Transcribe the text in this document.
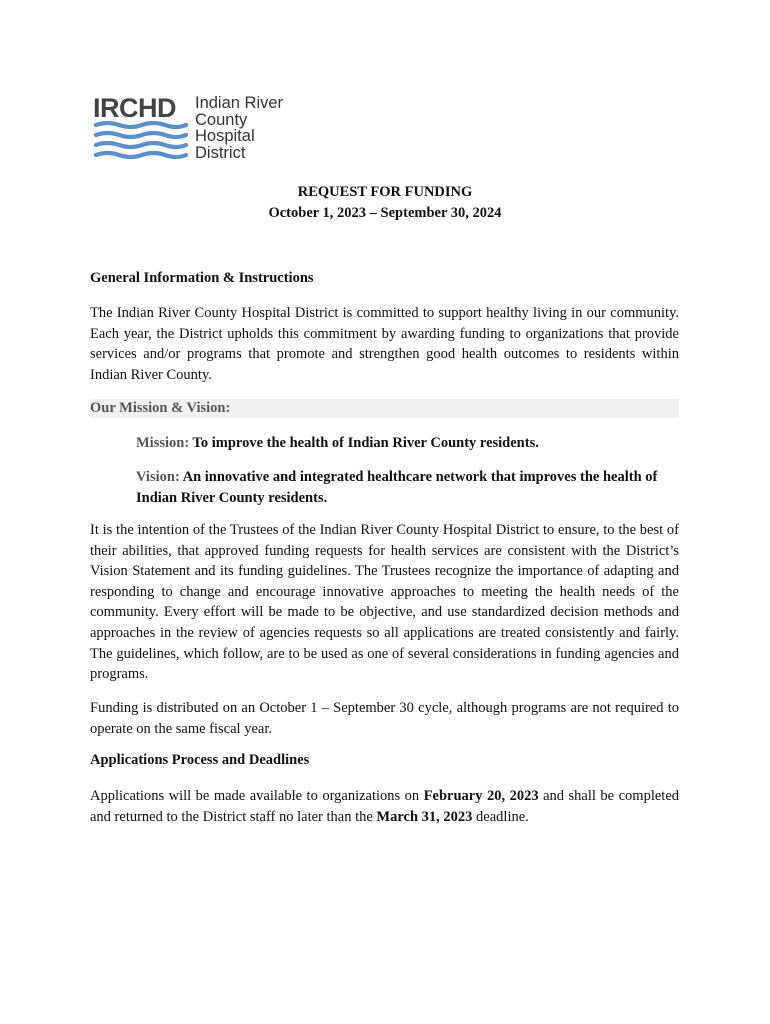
IRCHD Indian River
County
Hospital
District
REQUEST FOR FUNDING
October 1, 2023 – September 30, 2024
General Information & Instructions
The Indian River County Hospital District is committed to support healthy living in our community. Each year, the District upholds this commitment by awarding funding to organizations that provide services and/or programs that promote and strengthen good health outcomes to residents within Indian River County.
Our Mission & Vision:
Mission: To improve the health of Indian River County residents.
Vision: An innovative and integrated healthcare network that improves the health of Indian River County residents.
It is the intention of the Trustees of the Indian River County Hospital District to ensure, to the best of their abilities, that approved funding requests for health services are consistent with the District’s Vision Statement and its funding guidelines. The Trustees recognize the importance of adapting and responding to change and encourage innovative approaches to meeting the health needs of the community. Every effort will be made to be objective, and use standardized decision methods and approaches in the review of agencies requests so all applications are treated consistently and fairly. The guidelines, which follow, are to be used as one of several considerations in funding agencies and programs.
Funding is distributed on an October 1 – September 30 cycle, although programs are not required to operate on the same fiscal year.
Applications Process and Deadlines
Applications will be made available to organizations on February 20, 2023 and shall be completed and returned to the District staff no later than the March 31, 2023 deadline.
